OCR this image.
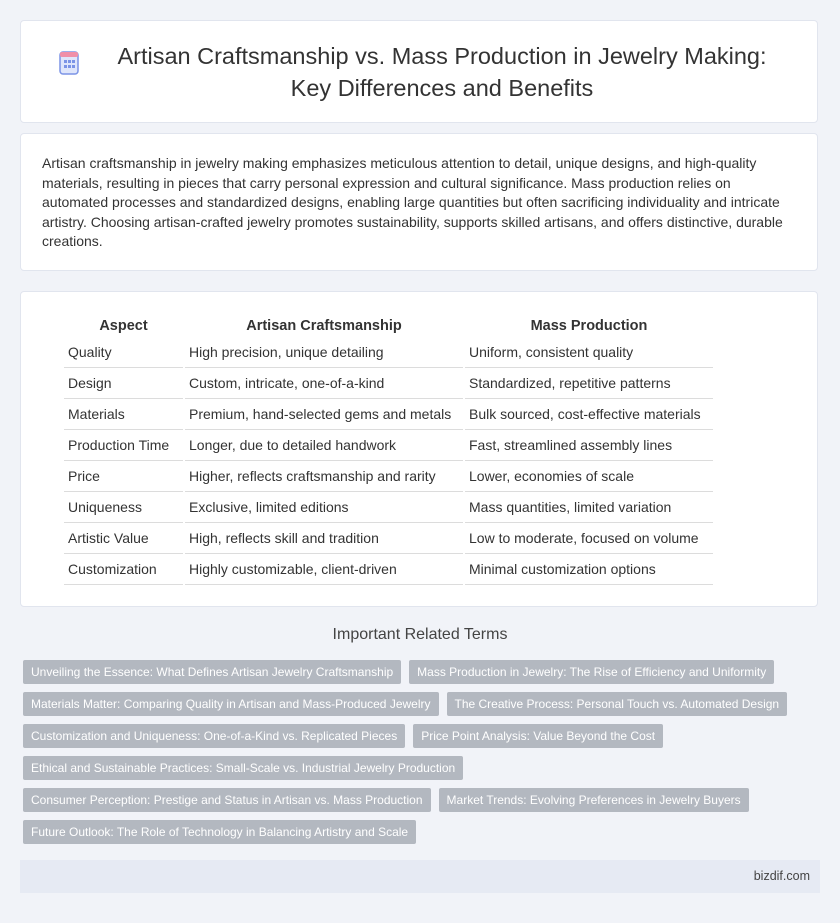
Artisan Craftsmanship vs. Mass Production in Jewelry Making: Key Differences and Benefits

Artisan craftsmanship in jewelry making emphasizes meticulous attention to detail, unique designs, and high-quality materials, resulting in pieces that carry personal expression and cultural significance. Mass production relies on automated processes and standardized designs, enabling large quantities but often sacrificing individuality and intricate artistry. Choosing artisan-crafted jewelry promotes sustainability, supports skilled artisans, and offers distinctive, durable creations.

Aspect	Artisan Craftsmanship	Mass Production
Quality	High precision, unique detailing	Uniform, consistent quality
Design	Custom, intricate, one-of-a-kind	Standardized, repetitive patterns
Materials	Premium, hand-selected gems and metals	Bulk sourced, cost-effective materials
Production Time	Longer, due to detailed handwork	Fast, streamlined assembly lines
Price	Higher, reflects craftsmanship and rarity	Lower, economies of scale
Uniqueness	Exclusive, limited editions	Mass quantities, limited variation
Artistic Value	High, reflects skill and tradition	Low to moderate, focused on volume
Customization	Highly customizable, client-driven	Minimal customization options
Important Related Terms
Unveiling the Essence: What Defines Artisan Jewelry Craftsmanship	Mass Production in Jewelry: The Rise of Efficiency and Uniformity
Materials Matter: Comparing Quality in Artisan and Mass-Produced Jewelry	The Creative Process: Personal Touch vs. Automated Design
Customization and Uniqueness: One-of-a-Kind vs. Replicated Pieces	Price Point Analysis: Value Beyond the Cost
Ethical and Sustainable Practices: Small-Scale vs. Industrial Jewelry Production
Consumer Perception: Prestige and Status in Artisan vs. Mass Production	Market Trends: Evolving Preferences in Jewelry Buyers
Future Outlook: The Role of Technology in Balancing Artistry and Scale
bizdif.com
